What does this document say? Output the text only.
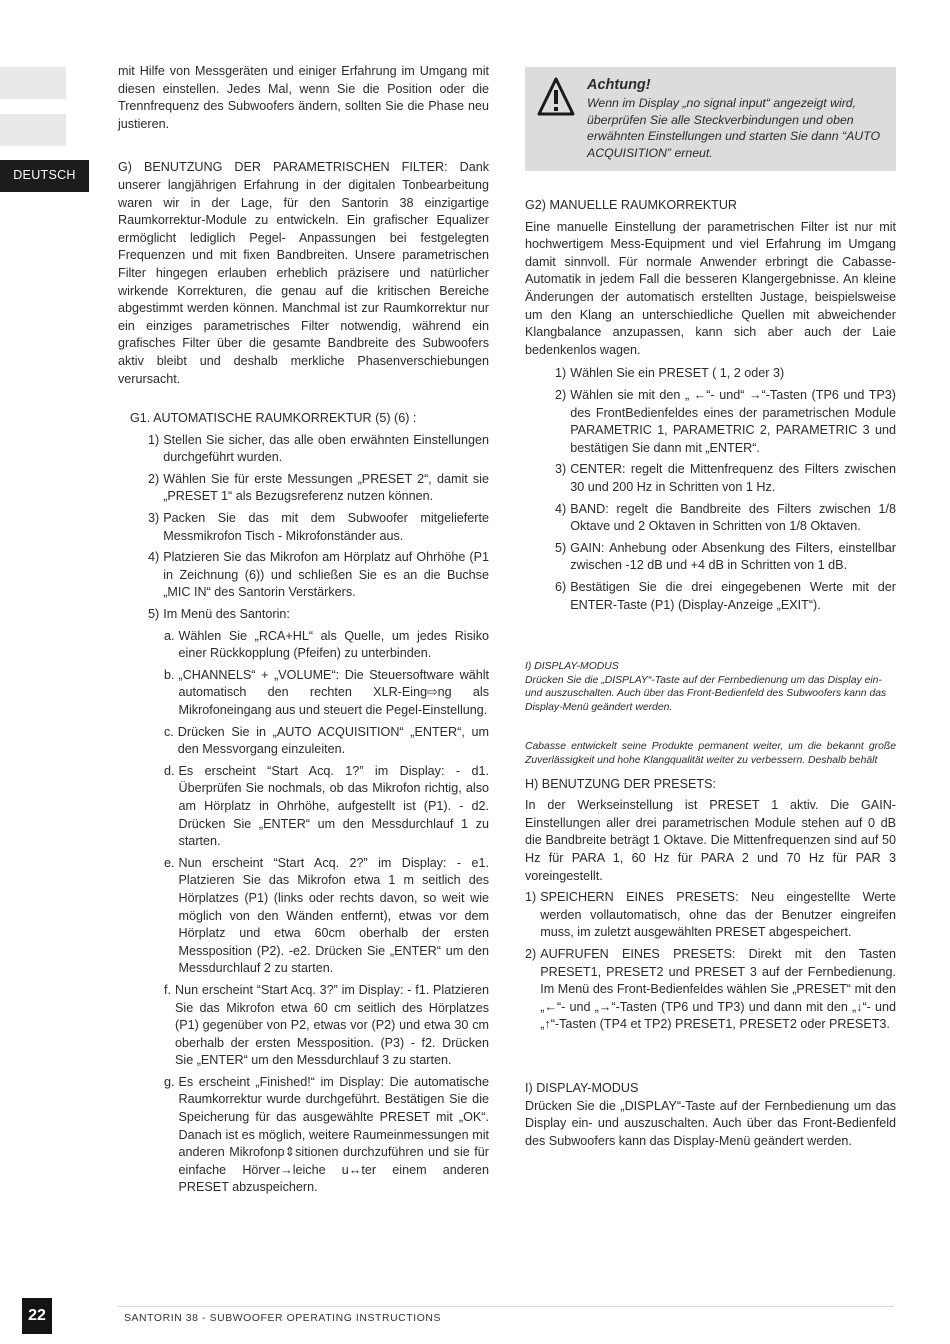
DEUTSCH

mit Hilfe von Messgeräten und einiger Erfahrung im Umgang mit diesen einstellen. Jedes Mal, wenn Sie die Position oder die Trennfrequenz des Subwoofers ändern, sollten Sie die Phase neu justieren.

G) BENUTZUNG DER PARAMETRISCHEN FILTER: Dank unserer langjährigen Erfahrung in der digitalen Tonbearbeitung waren wir in der Lage, für den Santorin 38 einzigartige Raumkorrektur-Module zu entwickeln. Ein grafischer Equalizer ermöglicht lediglich Pegel- Anpassungen bei festgelegten Frequenzen und mit fixen Bandbreiten. Unsere parametrischen Filter hingegen erlauben erheblich präzisere und natürlicher wirkende Korrekturen, die genau auf die kritischen Bereiche abgestimmt werden können. Manchmal ist zur Raumkorrektur nur ein einziges parametrisches Filter notwendig, während ein grafisches Filter über die gesamte Bandbreite des Subwoofers aktiv bleibt und deshalb merkliche Phasenverschiebungen verursacht.

G1. AUTOMATISCHE RAUMKORREKTUR (5) (6) :

1) Stellen Sie sicher, das alle oben erwähnten Einstellungen durchgeführt wurden.
2) Wählen Sie für erste Messungen „PRESET 2“, damit sie „PRESET 1“ als Bezugsreferenz nutzen können.
3) Packen Sie das mit dem Subwoofer mitgelieferte Messmikrofon Tisch - Mikrofonständer aus.
4) Platzieren Sie das Mikrofon am Hörplatz auf Ohrhöhe (P1 in Zeichnung (6)) und schließen Sie es an die Buchse „MIC IN“ des Santorin Verstärkers.
5) Im Menü des Santorin:
a. Wählen Sie „RCA+HL“ als Quelle, um jedes Risiko einer Rückkopplung (Pfeifen) zu unterbinden.
b. „CHANNELS“ + „VOLUME“: Die Steuersoftware wählt automatisch den rechten XLR-Eing⇨ng als Mikrofoneingang aus und steuert die Pegel-Einstellung.
c. Drücken Sie in „AUTO ACQUISITION“ „ENTER“, um den Messvorgang einzuleiten.
d. Es erscheint “Start Acq. 1?” im Display: - d1. Überprüfen Sie nochmals, ob das Mikrofon richtig, also am Hörplatz in Ohrhöhe, aufgestellt ist (P1). - d2. Drücken Sie „ENTER“ um den Messdurchlauf 1 zu starten.
e. Nun erscheint “Start Acq. 2?” im Display: - e1. Platzieren Sie das Mikrofon etwa 1 m seitlich des Hörplatzes (P1) (links oder rechts davon, so weit wie möglich von den Wänden entfernt), etwas vor dem Hörplatz und etwa 60cm oberhalb der ersten Messposition (P2). -e2. Drücken Sie „ENTER“ um den Messdurchlauf 2 zu starten.
f. Nun erscheint “Start Acq. 3?” im Display: - f1. Platzieren Sie das Mikrofon etwa 60 cm seitlich des Hörplatzes (P1) gegenüber von P2, etwas vor (P2) und etwa 30 cm oberhalb der ersten Messposition. (P3) - f2. Drücken Sie „ENTER“ um den Messdurchlauf 3 zu starten.
g. Es erscheint „Finished!“ im Display: Die automatische Raumkorrektur wurde durchgeführt. Bestätigen Sie die Speicherung für das ausgewählte PRESET mit „OK“. Danach ist es möglich, weitere Raumeinmessungen mit anderen Mikrofonp⇕sitionen durchzuführen und sie für einfache Hörver→leiche u↔ter einem anderen PRESET abzuspeichern.
Achtung!
Wenn im Display „no signal input“ angezeigt wird, überprüfen Sie alle Steckverbindungen und oben erwähnten Einstellungen und starten Sie dann “AUTO ACQUISITION” erneut.

G2) MANUELLE RAUMKORREKTUR

Eine manuelle Einstellung der parametrischen Filter ist nur mit hochwertigem Mess-Equipment und viel Erfahrung im Umgang damit sinnvoll. Für normale Anwender erbringt die Cabasse-Automatik in jedem Fall die besseren Klangergebnisse. An kleine Änderungen der automatisch erstellten Justage, beispielsweise um den Klang an unterschiedliche Quellen mit abweichender Klangbalance anzupassen, kann sich aber auch der Laie bedenkenlos wagen.

1) Wählen Sie ein PRESET ( 1, 2 oder 3)
2) Wählen sie mit den „ ←“- und“ →“-Tasten (TP6 und TP3) des FrontBedienfeldes eines der parametrischen Module PARAMETRIC 1, PARAMETRIC 2, PARAMETRIC 3 und bestätigen Sie dann mit „ENTER“.
3) CENTER: regelt die Mittenfrequenz des Filters zwischen 30 und 200 Hz in Schritten von 1 Hz.
4) BAND: regelt die Bandbreite des Filters zwischen 1/8 Oktave und 2 Oktaven in Schritten von 1/8 Oktaven.
5) GAIN: Anhebung oder Absenkung des Filters, einstellbar zwischen -12 dB und +4 dB in Schritten von 1 dB.
6) Bestätigen Sie die drei eingegebenen Werte mit der ENTER-Taste (P1) (Display-Anzeige „EXIT“).

I) DISPLAY-MODUS
Drücken Sie die „DISPLAY“-Taste auf der Fernbedienung um das Display ein- und auszuschalten. Auch über das Front-Bedienfeld des Subwoofers kann das Display-Menü geändert werden.

Cabasse entwickelt seine Produkte permanent weiter, um die bekannt große Zuverlässigkeit und hohe Klangqualität weiter zu verbessern. Deshalb behält

H) BENUTZUNG DER PRESETS:

In der Werkseinstellung ist PRESET 1 aktiv. Die GAIN-Einstellungen aller drei parametrischen Module stehen auf 0 dB die Bandbreite beträgt 1 Oktave. Die Mittenfrequenzen sind auf 50 Hz für PARA 1, 60 Hz für PARA 2 und 70 Hz für PAR 3 voreingestellt.

1) SPEICHERN EINES PRESETS: Neu eingestellte Werte werden vollautomatisch, ohne das der Benutzer eingreifen muss, im zuletzt ausgewählten PRESET abgespeichert.
2) AUFRUFEN EINES PRESETS: Direkt mit den Tasten PRESET1, PRESET2 und PRESET 3 auf der Fernbedienung. Im Menü des Front-Bedienfeldes wählen Sie „PRESET“ mit den „←“- und „→“-Tasten (TP6 und TP3) und dann mit den „↓“- und „↑“-Tasten (TP4 et TP2) PRESET1, PRESET2 oder PRESET3.

I) DISPLAY-MODUS

Drücken Sie die „DISPLAY“-Taste auf der Fernbedienung um das Display ein- und auszuschalten. Auch über das Front-Bedienfeld des Subwoofers kann das Display-Menü geändert werden.

22	SANTORIN 38 - SUBWOOFER OPERATING INSTRUCTIONS
